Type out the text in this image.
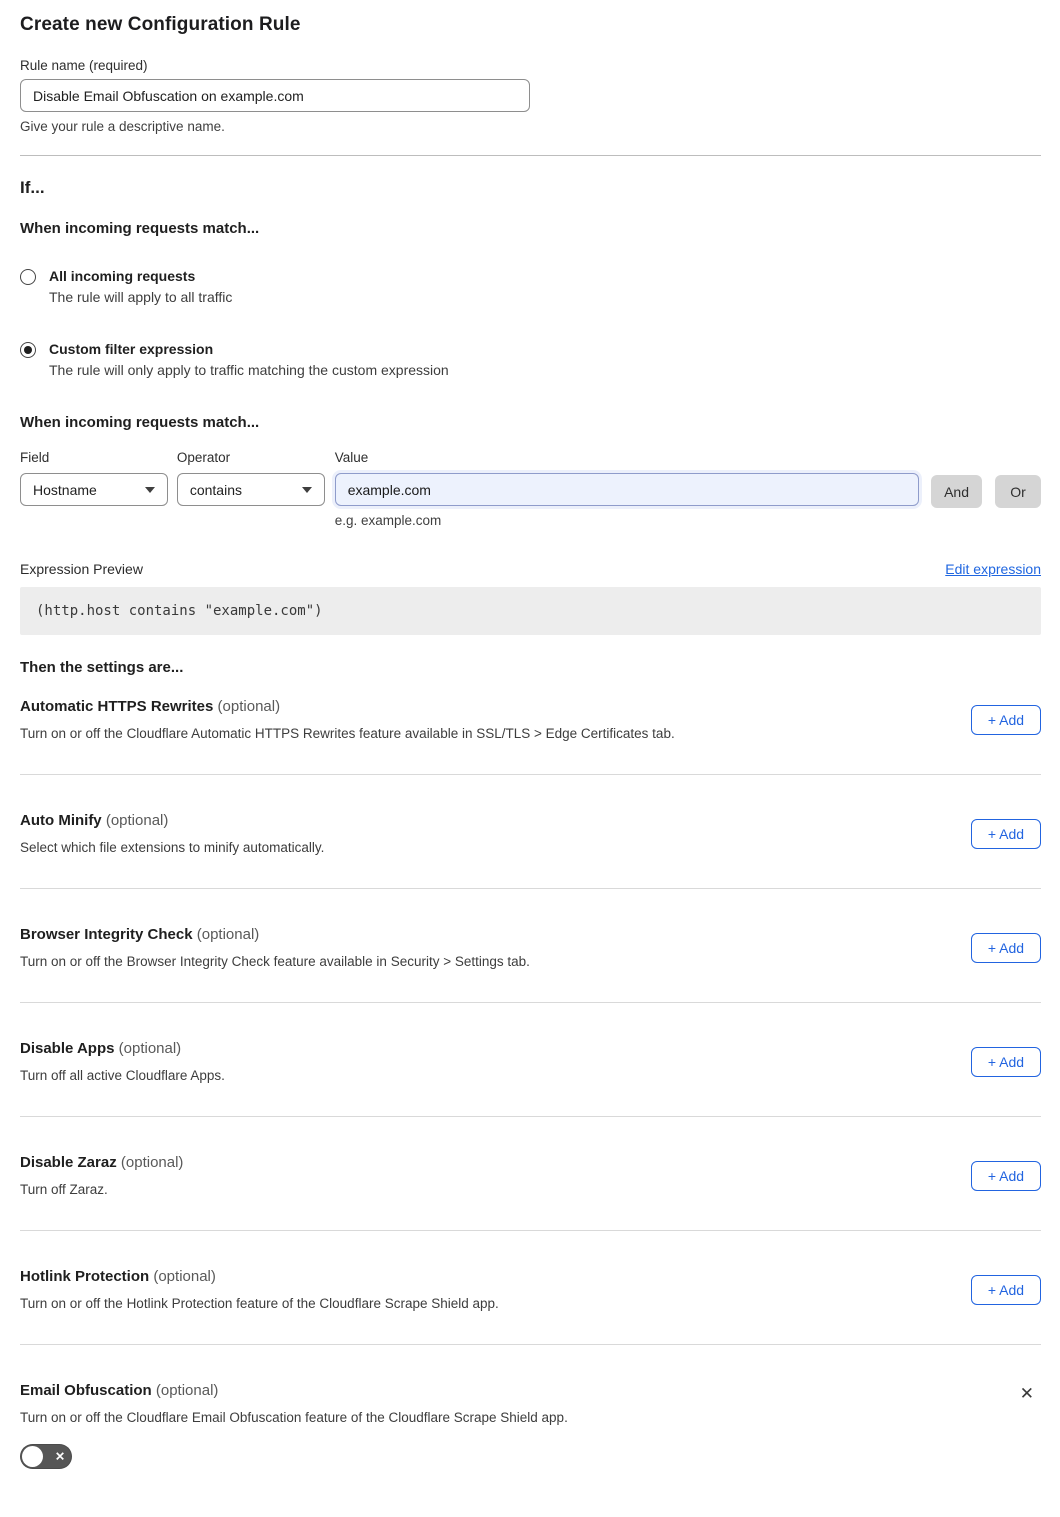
Create new Configuration Rule
Rule name (required)
Disable Email Obfuscation on example.com
Give your rule a descriptive name.
If...
When incoming requests match...
All incoming requests
The rule will apply to all traffic
Custom filter expression
The rule will only apply to traffic matching the custom expression
When incoming requests match...
Field
Hostname
Operator
contains
Value
example.com
e.g. example.com
And	Or
Expression Preview	Edit expression
(http.host contains "example.com")
Then the settings are...
Automatic HTTPS Rewrites (optional)
+ Add

Turn on or off the Cloudflare Automatic HTTPS Rewrites feature available in SSL/TLS > Edge Certificates tab.

Auto Minify (optional)
+ Add

Select which file extensions to minify automatically.

Browser Integrity Check (optional)
+ Add

Turn on or off the Browser Integrity Check feature available in Security > Settings tab.

Disable Apps (optional)
+ Add

Turn off all active Cloudflare Apps.

Disable Zaraz (optional)
+ Add

Turn off Zaraz.

Hotlink Protection (optional)
+ Add

Turn on or off the Hotlink Protection feature of the Cloudflare Scrape Shield app.

Email Obfuscation (optional)	✕

Turn on or off the Cloudflare Email Obfuscation feature of the Cloudflare Scrape Shield app.

✕
